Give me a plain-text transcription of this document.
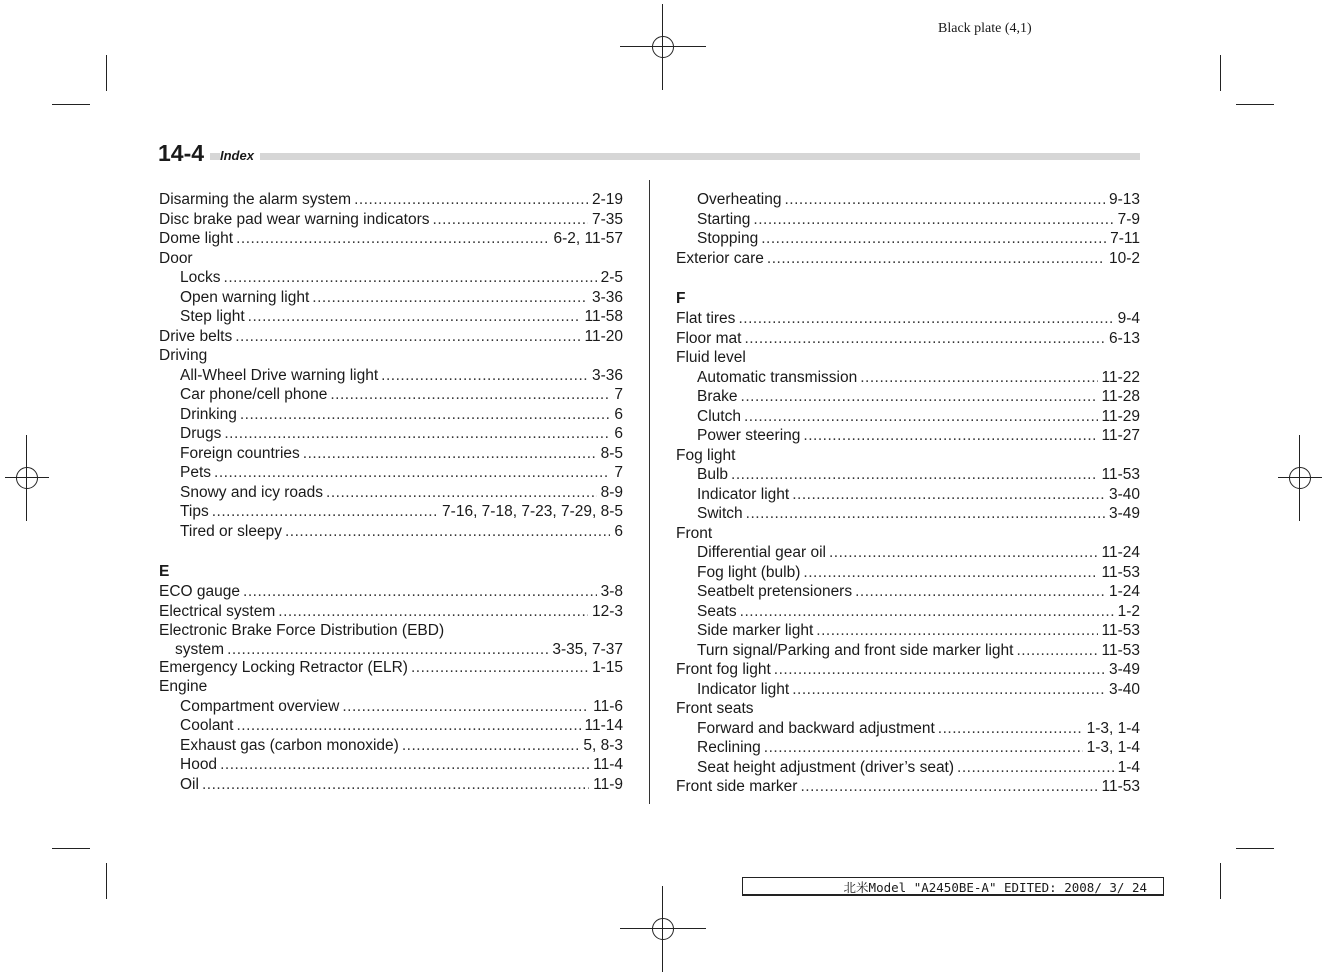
Black plate (4,1)
14-4	Index
Disarming the alarm system . . .	2-19
Disc brake pad wear warning indicators . . .	7-35
Dome light . . .	6-2, 11-57
Door
Locks . . .	2-5
Open warning light . . .	3-36
Step light . . .	11-58
Drive belts . . .	11-20
Driving
All-Wheel Drive warning light . . .	3-36
Car phone/cell phone . . .	7
Drinking . . .	6
Drugs . . .	6
Foreign countries . . .	8-5
Pets . . .	7
Snowy and icy roads . . .	8-9
Tips . . .	7-16, 7-18, 7-23, 7-29, 8-5
Tired or sleepy . . .	6
E
ECO gauge . . .	3-8
Electrical system . . .	12-3
Electronic Brake Force Distribution (EBD)
system . . .	3-35, 7-37
Emergency Locking Retractor (ELR) . . .	1-15
Engine
Compartment overview . . .	11-6
Coolant . . .	11-14
Exhaust gas (carbon monoxide) . . .	5, 8-3
Hood . . .	11-4
Oil . . .	11-9
Overheating . . .	9-13
Starting . . .	7-9
Stopping . . .	7-11
Exterior care . . .	10-2
F
Flat tires . . .	9-4
Floor mat . . .	6-13
Fluid level
Automatic transmission . . .	11-22
Brake . . .	11-28
Clutch . . .	11-29
Power steering . . .	11-27
Fog light
Bulb . . .	11-53
Indicator light . . .	3-40
Switch . . .	3-49
Front
Differential gear oil . . .	11-24
Fog light (bulb) . . .	11-53
Seatbelt pretensioners . . .	1-24
Seats . . .	1-2
Side marker light . . .	11-53
Turn signal/Parking and front side marker light . . .	11-53
Front fog light . . .	3-49
Indicator light . . .	3-40
Front seats
Forward and backward adjustment . . .	1-3, 1-4
Reclining . . .	1-3, 1-4
Seat height adjustment (driver’s seat) . . .	1-4
Front side marker . . .	11-53
北米Model "A2450BE-A" EDITED: 2008/ 3/ 24
